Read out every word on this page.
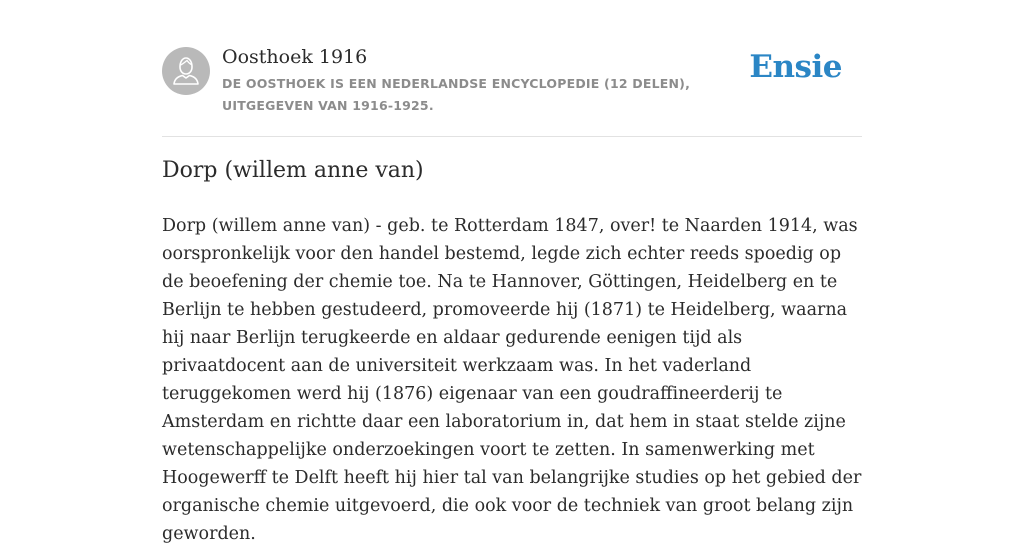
Oosthoek 1916
DE OOSTHOEK IS EEN NEDERLANDSE ENCYCLOPEDIE (12 DELEN), UITGEGEVEN VAN 1916-1925.
Ensie
Dorp (willem anne van)

Dorp (willem anne van) - geb. te Rotterdam 1847, over! te Naarden 1914, was oorspronkelijk voor den handel bestemd, legde zich echter reeds spoedig op de beoefening der chemie toe. Na te Hannover, Göttingen, Heidelberg en te Berlijn te hebben gestudeerd, promoveerde hij (1871) te Heidelberg, waarna hij naar Berlijn terugkeerde en aldaar gedurende eenigen tijd als privaatdocent aan de universiteit werkzaam was. In het vaderland teruggekomen werd hij (1876) eigenaar van een goudraffineerderij te Amsterdam en richtte daar een laboratorium in, dat hem in staat stelde zijne wetenschappelijke onderzoekingen voort te zetten. In samenwerking met Hoogewerff te Delft heeft hij hier tal van belangrijke studies op het gebied der organische chemie uitgevoerd, die ook voor de techniek van groot belang zijn geworden.
